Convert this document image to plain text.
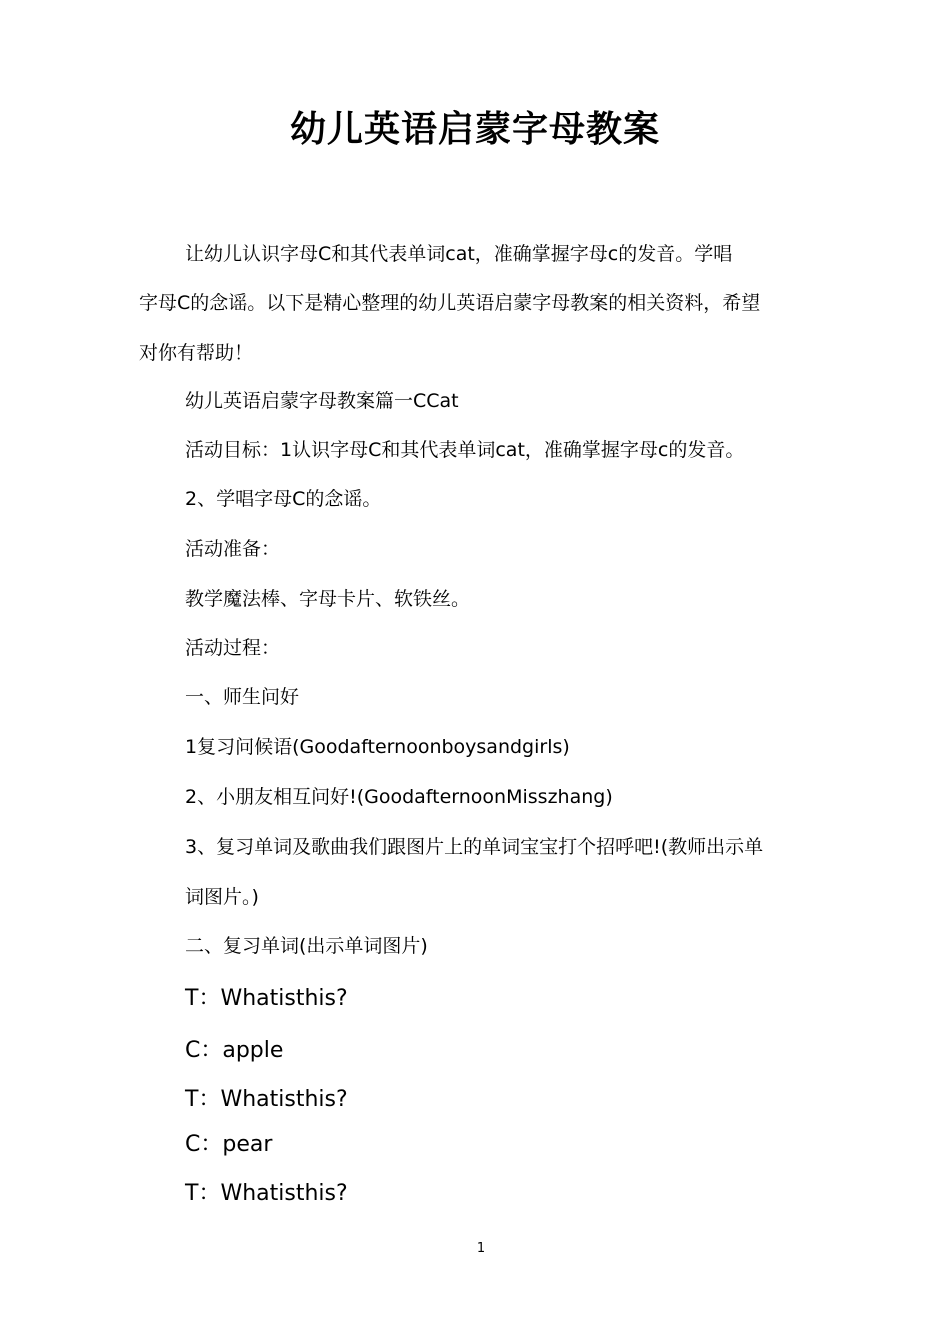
幼儿英语启蒙字母教案
让幼儿认识字母C和其代表单词cat，准确掌握字母c的发音。学唱
字母C的念谣。以下是精心整理的幼儿英语启蒙字母教案的相关资料，希望
对你有帮助！
幼儿英语启蒙字母教案篇一CCat
活动目标：1认识字母C和其代表单词cat，准确掌握字母c的发音。
2、学唱字母C的念谣。
活动准备：
教学魔法棒、字母卡片、软铁丝。
活动过程：
一、师生问好
1复习问候语(Goodafternoonboysandgirls)
2、小朋友相互问好!(GoodafternoonMisszhang)
3、复习单词及歌曲我们跟图片上的单词宝宝打个招呼吧!(教师出示单
词图片。)
二、复习单词(出示单词图片)
T：Whatisthis?
C：apple
T：Whatisthis?
C：pear
T：Whatisthis?
1
